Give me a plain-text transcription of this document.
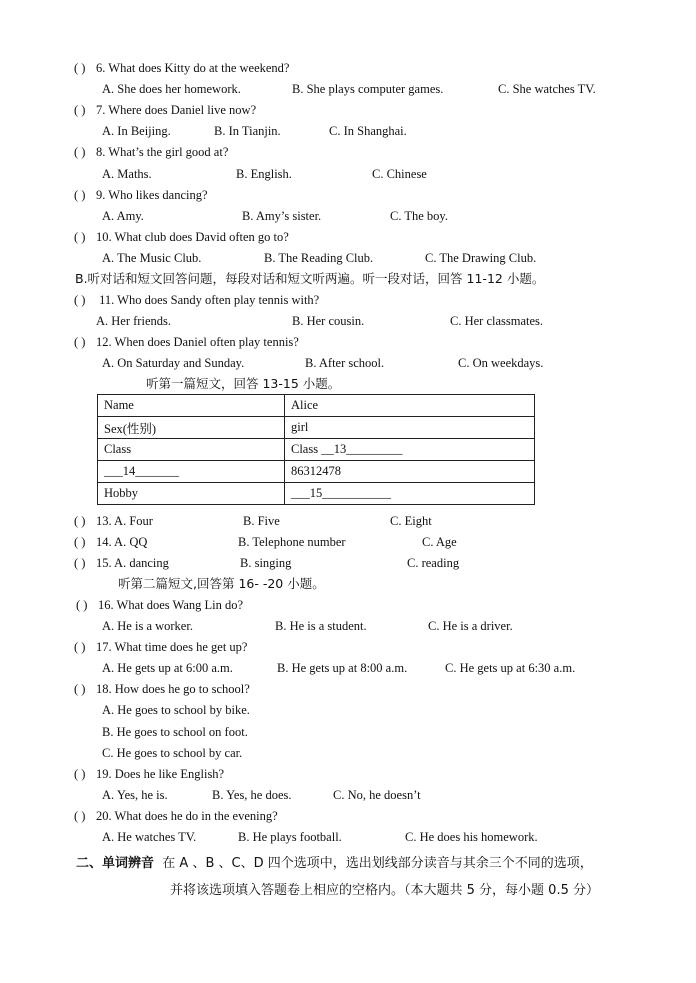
( ) 6. What does Kitty do at the weekend?
A. She does her homework.	B. She plays computer games.	C. She watches TV.
( ) 7. Where does Daniel live now?
A. In Beijing.	B. In Tianjin.	C. In Shanghai.
( ) 8. What’s the girl good at?
A. Maths.	B. English.	C. Chinese
( ) 9. Who likes dancing?
A. Amy.	B. Amy’s sister.	C. The boy.
( ) 10. What club does David often go to?
A. The Music Club.	B. The Reading Club.	C. The Drawing Club.
B.听对话和短文回答问题，每段对话和短文听两遍。听一段对话，回答 11-12 小题。
( ) 11. Who does Sandy often play tennis with?
A. Her friends.	B. Her cousin.	C. Her classmates.
( ) 12. When does Daniel often play tennis?
A. On Saturday and Sunday.	B. After school.	C. On weekdays.
听第一篇短文，回答 13-15 小题。
Name	Alice
Sex(性别)	girl
Class	Class __13_________
___14_______	86312478
Hobby	___15___________
( ) 13. A. Four	B. Five	C. Eight
( ) 14. A. QQ	B. Telephone number	C. Age
( ) 15. A. dancing	B. singing	C. reading
听第二篇短文,回答第 16- -20 小题。
( ) 16. What does Wang Lin do?
A. He is a worker.	B. He is a student.	C. He is a driver.
( ) 17. What time does he get up?
A. He gets up at 6:00 a.m.	B. He gets up at 8:00 a.m.	C. He gets up at 6:30 a.m.
( ) 18. How does he go to school?
A. He goes to school by bike.
B. He goes to school on foot.
C. He goes to school by car.
( ) 19. Does he like English?
A. Yes, he is.	B. Yes, he does.	C. No, he doesn’t
( ) 20. What does he do in the evening?
A. He watches TV.	B. He plays football.	C. He does his homework.
二、单词辨音 在 A 、B 、C、D 四个选项中，选出划线部分读音与其余三个不同的选项，
并将该选项填入答题卷上相应的空格内。（本大题共 5 分，每小题 0.5 分）
